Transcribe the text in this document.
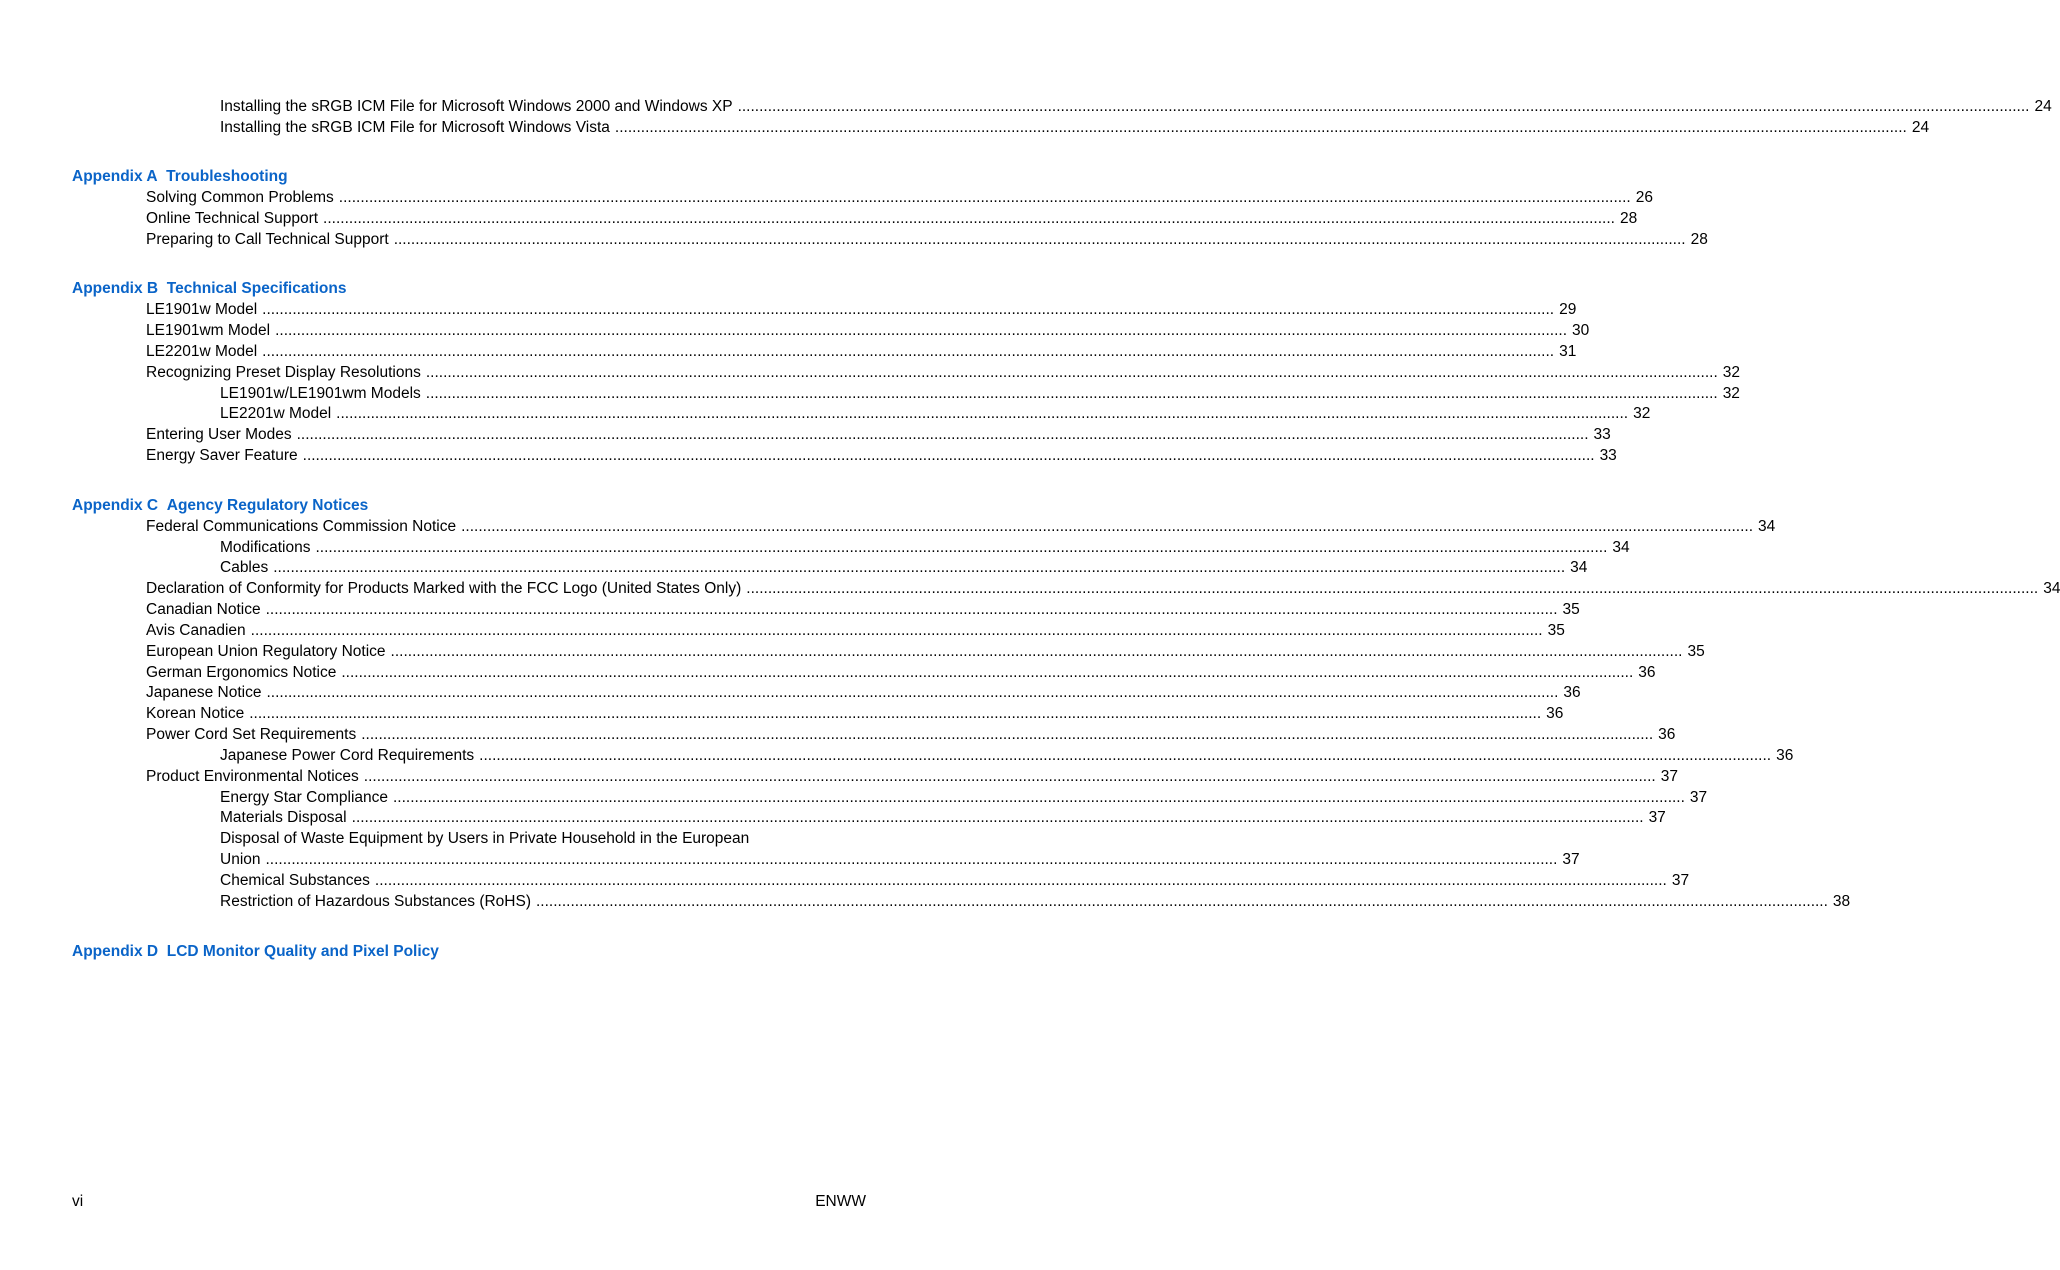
Installing the sRGB ICM File for Microsoft Windows 2000 and Windows XP ............................................................................................................................................................................................................................................................................................................ 24
Installing the sRGB ICM File for Microsoft Windows Vista ............................................................................................................................................................................................................................................................................................................ 24
Appendix A Troubleshooting
Solving Common Problems ............................................................................................................................................................................................................................................................................................................ 26
Online Technical Support ............................................................................................................................................................................................................................................................................................................ 28
Preparing to Call Technical Support ............................................................................................................................................................................................................................................................................................................ 28
Appendix B Technical Specifications
LE1901w Model ............................................................................................................................................................................................................................................................................................................ 29
LE1901wm Model ............................................................................................................................................................................................................................................................................................................ 30
LE2201w Model ............................................................................................................................................................................................................................................................................................................ 31
Recognizing Preset Display Resolutions ............................................................................................................................................................................................................................................................................................................ 32
LE1901w/LE1901wm Models ............................................................................................................................................................................................................................................................................................................ 32
LE2201w Model ............................................................................................................................................................................................................................................................................................................ 32
Entering User Modes ............................................................................................................................................................................................................................................................................................................ 33
Energy Saver Feature ............................................................................................................................................................................................................................................................................................................ 33
Appendix C Agency Regulatory Notices
Federal Communications Commission Notice ............................................................................................................................................................................................................................................................................................................ 34
Modifications ............................................................................................................................................................................................................................................................................................................ 34
Cables ............................................................................................................................................................................................................................................................................................................ 34
Declaration of Conformity for Products Marked with the FCC Logo (United States Only) ............................................................................................................................................................................................................................................................................................................ 34
Canadian Notice ............................................................................................................................................................................................................................................................................................................ 35
Avis Canadien ............................................................................................................................................................................................................................................................................................................ 35
European Union Regulatory Notice ............................................................................................................................................................................................................................................................................................................ 35
German Ergonomics Notice ............................................................................................................................................................................................................................................................................................................ 36
Japanese Notice ............................................................................................................................................................................................................................................................................................................ 36
Korean Notice ............................................................................................................................................................................................................................................................................................................ 36
Power Cord Set Requirements ............................................................................................................................................................................................................................................................................................................ 36
Japanese Power Cord Requirements ............................................................................................................................................................................................................................................................................................................ 36
Product Environmental Notices ............................................................................................................................................................................................................................................................................................................ 37
Energy Star Compliance ............................................................................................................................................................................................................................................................................................................ 37
Materials Disposal ............................................................................................................................................................................................................................................................................................................ 37
Disposal of Waste Equipment by Users in Private Household in the European
Union ............................................................................................................................................................................................................................................................................................................ 37
Chemical Substances ............................................................................................................................................................................................................................................................................................................ 37
Restriction of Hazardous Substances (RoHS) ............................................................................................................................................................................................................................................................................................................ 38
Appendix D LCD Monitor Quality and Pixel Policy
vi	ENWW
